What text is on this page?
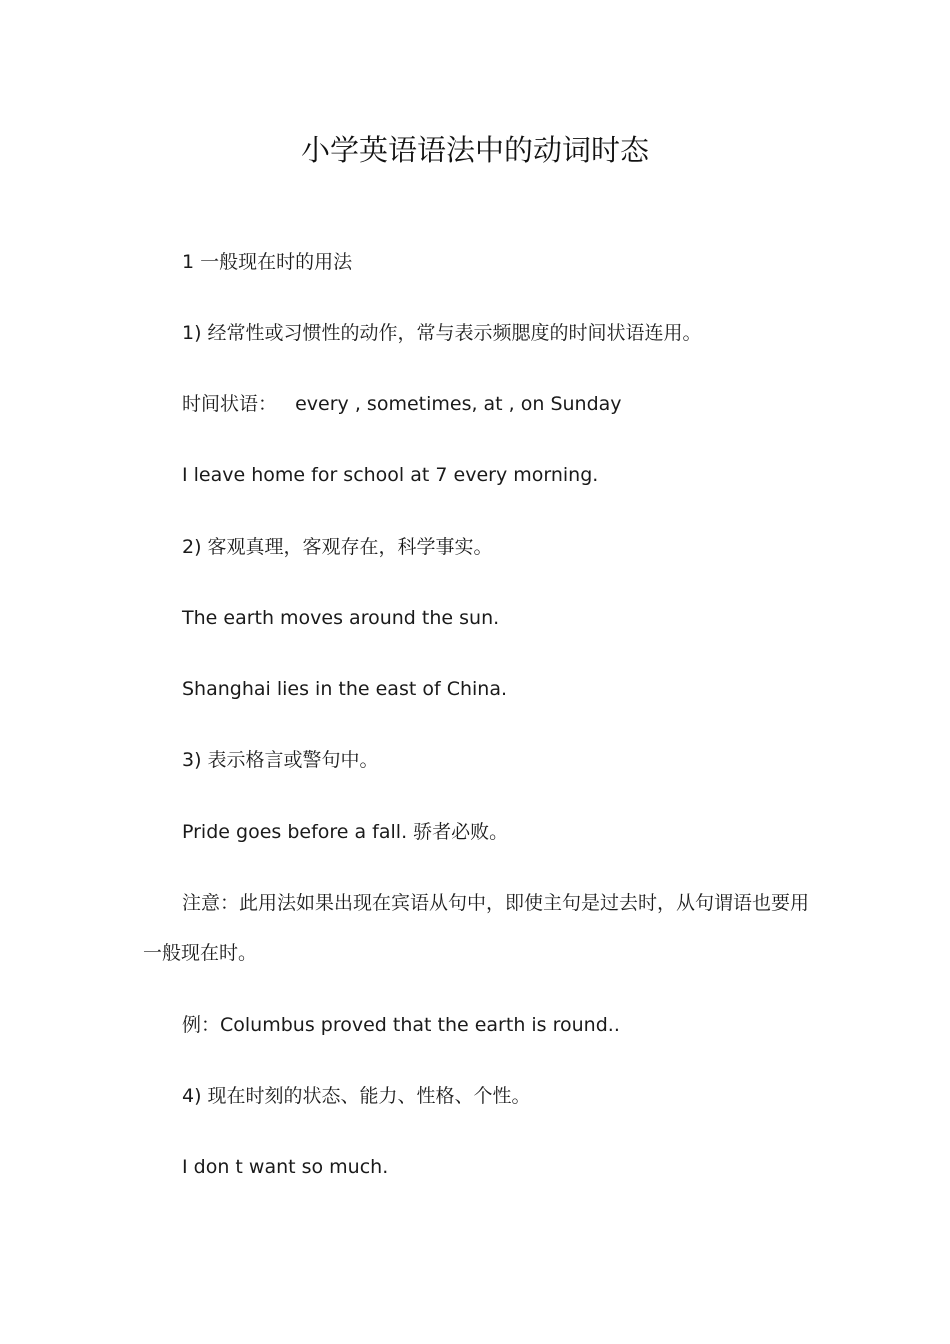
小学英语语法中的动词时态

1 一般现在时的用法

1) 经常性或习惯性的动作，常与表示频腮度的时间状语连用。

时间状语：   every , sometimes, at , on Sunday

I leave home for school at 7 every morning.

2) 客观真理，客观存在，科学事实。

The earth moves around the sun.

Shanghai lies in the east of China.

3) 表示格言或警句中。

Pride goes before a fall. 骄者必败。

注意：此用法如果出现在宾语从句中，即使主句是过去时，从句谓语也要用一般现在时。

例：Columbus proved that the earth is round..

4) 现在时刻的状态、能力、性格、个性。

I don t want so much.
